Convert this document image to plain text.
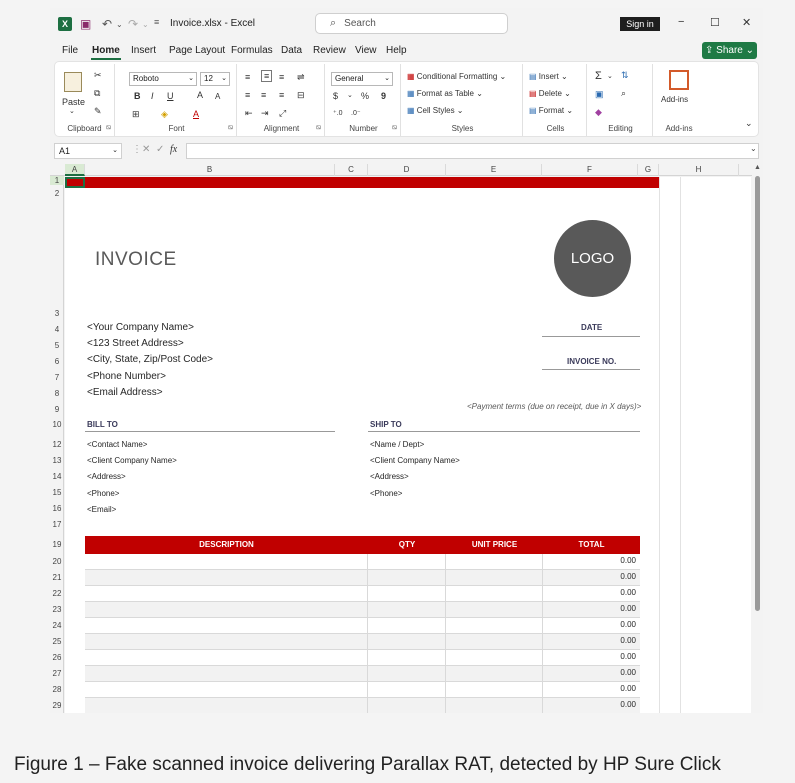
X	▣ ↶ ⌄ ↷ ⌄ ≡ Invoice.xlsx - Excel	⌕ Search	Sign in	− ☐ ✕
File Home Insert Page Layout Formulas Data Review View Help	⇪ Share ⌄
Paste
⌄
✂
⧉
✎
Clipboard ⧅
Roboto	⌄	12 ⌄
B I U	A A
⊞ ◈	A
Font	⧅
≡	≡	≡ ⇌
≡ ≡ ≡ ⊟
⇤ ⇥ ⤢
Alignment	⧅
General	⌄
$ ⌄ % 9
⁺.0 .0⁻
Number	⧅
▦ Conditional Formatting ⌄
▦ Format as Table ⌄
▦ Cell Styles ⌄
Styles
▤ Insert ⌄
▤ Delete ⌄
▤ Format ⌄
Cells
Σ ⌄ ⇅
▣ ⌕
◆
Editing
Add-ins
Add-ins
⌄
A1	⌄ ⋮ ✕ ✓ fx	⌄
A	B	C	D	E	F	G	H
1
2
3
4
5
6
7
8
9
10
12
13
14
15
16
17
19
20
21
22
23
24
25
26
27
28
29
INVOICE	LOGO
<Your Company Name>
<123 Street Address>
<City, State, Zip/Post Code>
<Phone Number>
<Email Address>
DATE
INVOICE NO.
<Payment terms (due on receipt, due in X days)>
BILL TO	SHIP TO
<Contact Name>
<Client Company Name>
<Address>
<Phone>
<Email>
<Name / Dept>
<Client Company Name>
<Address>
<Phone>
DESCRIPTION	QTY	UNIT PRICE	TOTAL
0.00
0.00
0.00
0.00
0.00
0.00
0.00
0.00
0.00
0.00
▲
Figure 1 – Fake scanned invoice delivering Parallax RAT, detected by HP Sure Click
